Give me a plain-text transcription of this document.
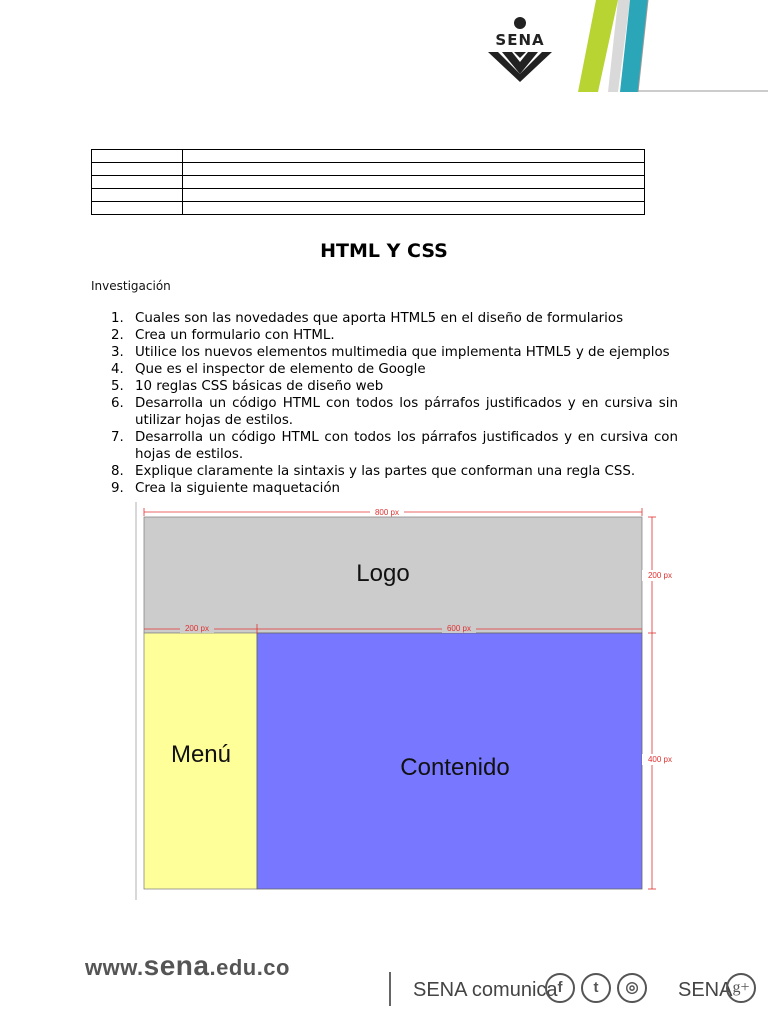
SENA

HTML Y CSS
Investigación
1. Cuales son las novedades que aporta HTML5 en el diseño de formularios
2. Crea un formulario con HTML.
3. Utilice los nuevos elementos multimedia que implementa HTML5 y de ejemplos
4. Que es el inspector de elemento de Google
5. 10 reglas CSS básicas de diseño web
6. Desarrolla un código HTML con todos los párrafos justificados y en cursiva sin utilizar hojas de estilos.
7. Desarrolla un código HTML con todos los párrafos justificados y en cursiva con hojas de estilos.
8. Explique claramente la sintaxis y las partes que conforman una regla CSS.
9. Crea la siguiente maquetación
800 px
Logo
Menú	Contenido
200 px	600 px
200 px
400 px
www.sena.edu.co
SENA comunica f	t	◎	SENA g+
